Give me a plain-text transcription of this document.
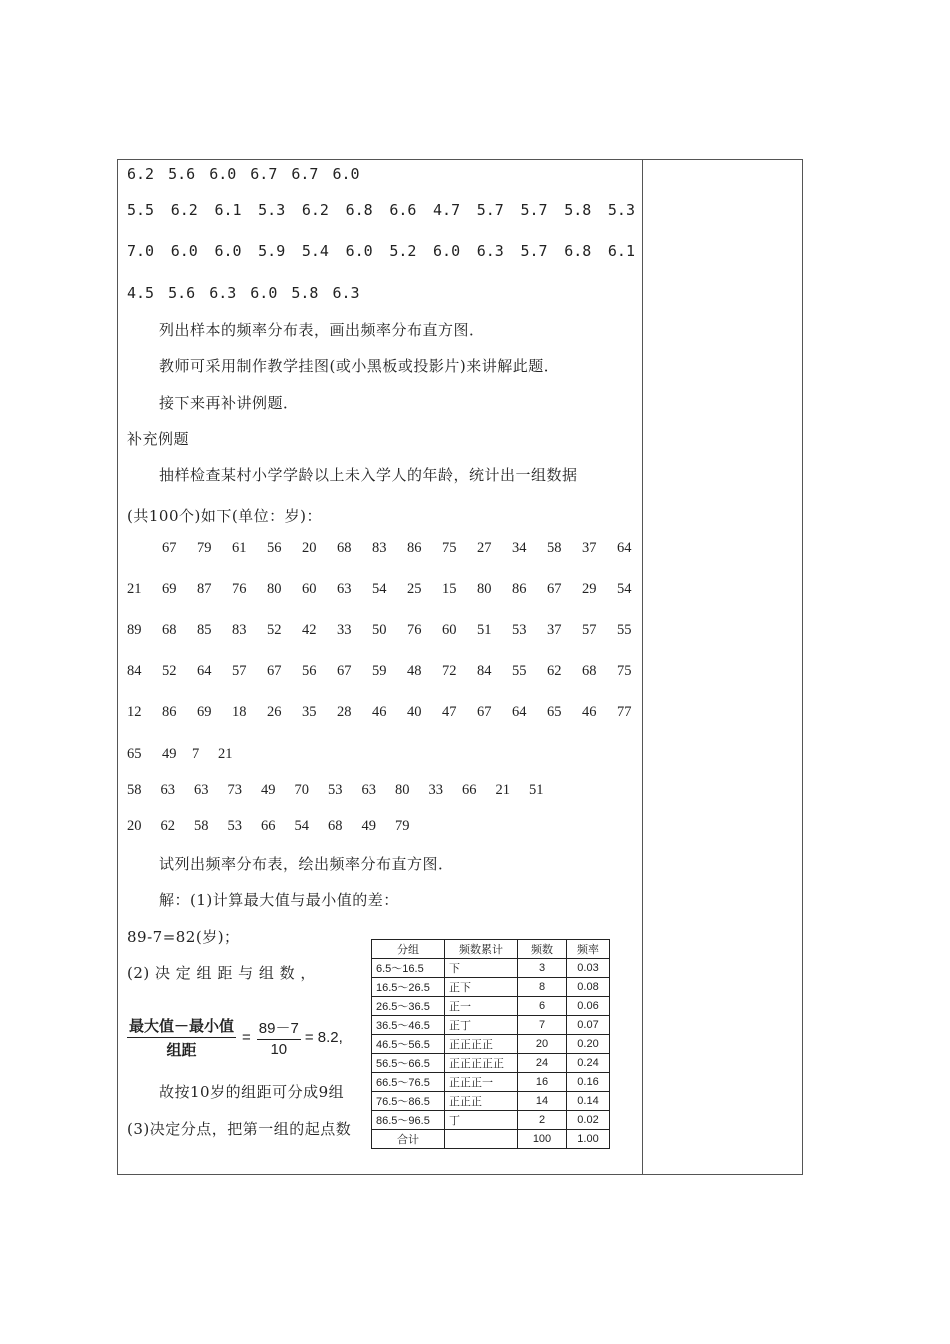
6.2 5.6 6.0 6.7 6.7 6.0
5.5 6.2 6.1 5.3 6.2 6.8 6.6 4.7 5.7 5.7 5.8 5.3
7.0 6.0 6.0 5.9 5.4 6.0 5.2 6.0 6.3 5.7 6.8 6.1
4.5 5.6 6.3 6.0 5.8 6.3
列出样本的频率分布表，画出频率分布直方图．
教师可采用制作教学挂图(或小黑板或投影片)来讲解此题．
接下来再补讲例题．
补充例题
抽样检查某村小学学龄以上未入学人的年龄，统计出一组数据
(共100个)如下(单位：岁)：
67 79 61 56 20 68 83 86 75 27 34 58 37 64
21 69 87 76 80 60 63 54 25 15 80 86 67 29 54
89 68 85 83 52 42 33 50 76 60 51 53 37 57 55
84 52 64 57 67 56 67 59 48 72 84 55 62 68 75
12 86 69 18 26 35 28 46 40 47 67 64 65 46 77
65 49 7 21
58 63 63 73 49 70 53 63 80 33 66 21 51
20 62 58 53 66 54 68 49 79
试列出频率分布表，绘出频率分布直方图．
解：(1)计算最大值与最小值的差：
89-7=82(岁)；
(2) 决 定 组 距 与 组 数 ，
$\frac{\text{最大值－最小值}}{\text{组距}} = \frac{89-7}{10} = 8.2$,
故按10岁的组距可分成9组
(3)决定分点，把第一组的起点数
分组	频数累计	频数	频率
6.5～16.5	下	3	0.03
16.5～26.5	正下	8	0.08
26.5～36.5	正一	6	0.06
36.5～46.5	正丁	7	0.07
46.5～56.5	正正正正	20	0.20
56.5～66.5	正正正正正	24	0.24
66.5～76.5	正正正一	16	0.16
76.5～86.5	正正正	14	0.14
86.5～96.5	丁	2	0.02
合计		100	1.00
